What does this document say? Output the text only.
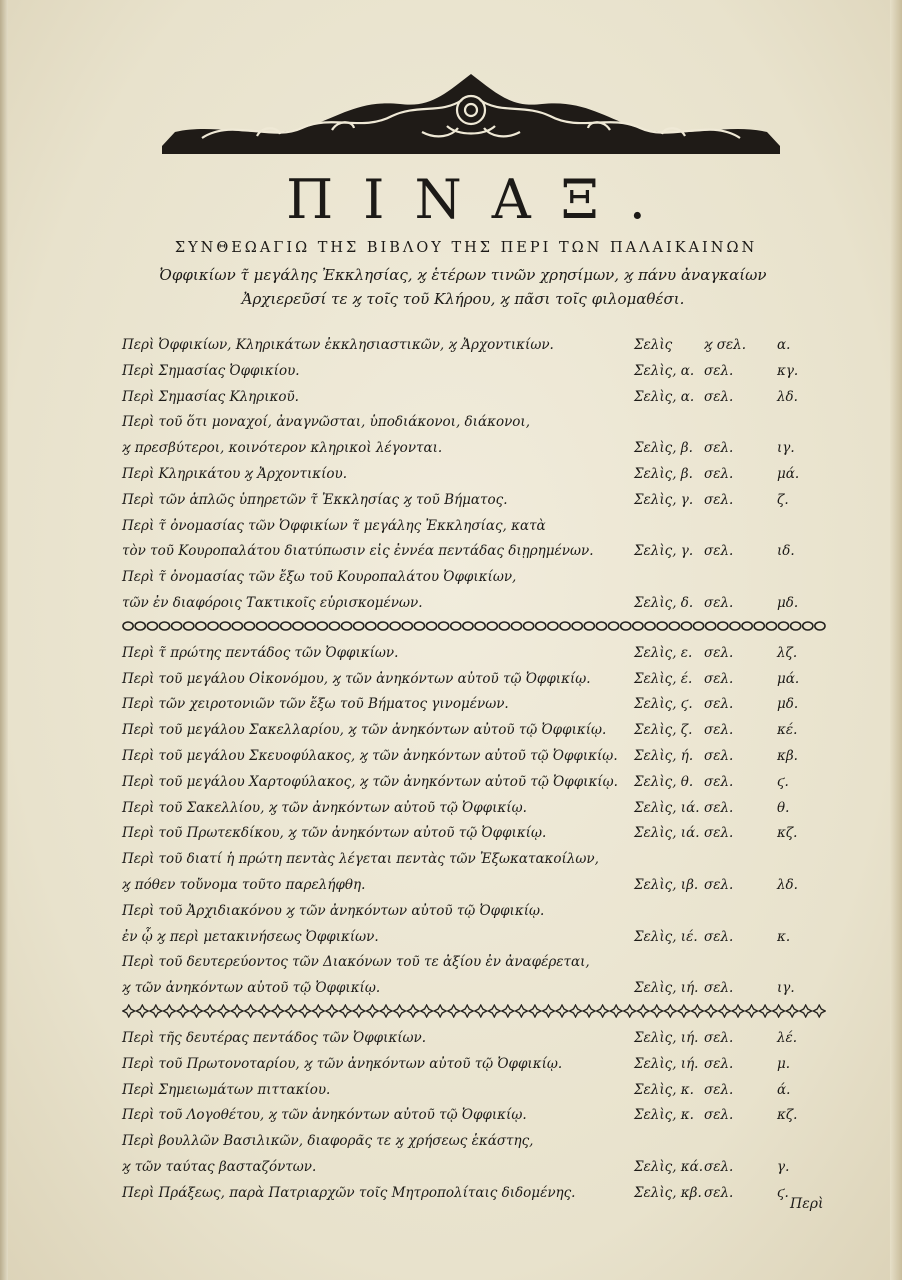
ΠΙΝΑΞ.
ΣΥΝΘΕΩΑΓΙΩ ΤΗΣ ΒΙΒΛΟΥ ΤΗΣ ΠΕΡΙ ΤΩΝ ΠΑΛΑΙΚΑΙΝΩΝ
Ὀφφικίων τ̃ μεγάλης Ἐκκλησίας, ϗ ἑτέρων τινῶν χρησίμων, ϗ πάνυ ἀναγκαίων
Ἀρχιερεῦσί τε ϗ τοῖς τοῦ Κλήρου, ϗ πᾶσι τοῖς φιλομαθέσι.
Περὶ
Περὶ Ὀφφικίων, Κληρικάτων ἐκκλησιαστικῶν, ϗ Ἀρχοντικίων.	Σελὶς ϗ σελ. α.
Περὶ Σημασίας Ὀφφικίου.	Σελὶς, α. σελ.	κγ.
Περὶ Σημασίας Κληρικοῦ.	Σελὶς, α. σελ.	λδ.
Περὶ τοῦ ὅτι μοναχοί, ἀναγνῶσται, ὑποδιάκονοι, διάκονοι,
ϗ πρεσβύτεροι, κοινότερον κληρικοὶ λέγονται.	Σελὶς, β. σελ.	ιγ.
Περὶ Κληρικάτου ϗ Ἀρχοντικίου.	Σελὶς, β. σελ.	μά.
Περὶ τῶν ἁπλῶς ὑπηρετῶν τ̃ Ἐκκλησίας ϗ τοῦ Βήματος.	Σελὶς, γ. σελ.	ζ.
Περὶ τ̃ ὀνομασίας τῶν Ὀφφικίων τ̃ μεγάλης Ἐκκλησίας, κατὰ
τὸν τοῦ Κουροπαλάτου διατύπωσιν εἰς ἐννέα πεντάδας διῃρημένων.	Σελὶς, γ. σελ.	ιδ.
Περὶ τ̃ ὀνομασίας τῶν ἔξω τοῦ Κουροπαλάτου Ὀφφικίων,
τῶν ἐν διαφόροις Τακτικοῖς εὑρισκομένων.	Σελὶς, δ. σελ.	μδ.
Περὶ τ̃ πρώτης πεντάδος τῶν Ὀφφικίων.	Σελὶς, ε. σελ.	λζ.
Περὶ τοῦ μεγάλου Οἰκονόμου, ϗ τῶν ἀνηκόντων αὐτοῦ τῷ Ὀφφικίῳ.	Σελὶς, έ. σελ.	μά.
Περὶ τῶν χειροτονιῶν τῶν ἔξω τοῦ Βήματος γινομένων.	Σελὶς, ϛ. σελ.	μδ.
Περὶ τοῦ μεγάλου Σακελλαρίου, ϗ τῶν ἀνηκόντων αὐτοῦ τῷ Ὀφφικίῳ. Σελὶς, ζ. σελ.	κέ.
Περὶ τοῦ μεγάλου Σκευοφύλακος, ϗ τῶν ἀνηκόντων αὐτοῦ τῷ Ὀφφικίῳ. Σελὶς, ή. σελ.	κβ.
Περὶ τοῦ μεγάλου Χαρτοφύλακος, ϗ τῶν ἀνηκόντων αὐτοῦ τῷ Ὀφφικίῳ. Σελὶς, θ. σελ.	ϛ.
Περὶ τοῦ Σακελλίου, ϗ τῶν ἀνηκόντων αὐτοῦ τῷ Ὀφφικίῳ.	Σελὶς, ιά. σελ.	θ.
Περὶ τοῦ Πρωτεκδίκου, ϗ τῶν ἀνηκόντων αὐτοῦ τῷ Ὀφφικίῳ.	Σελὶς, ιά. σελ.	κζ.
Περὶ τοῦ διατί ἡ πρώτη πεντὰς λέγεται πεντὰς τῶν Ἐξωκατακοίλων,
ϗ πόθεν τοὔνομα τοῦτο παρελήφθη.	Σελὶς, ιβ. σελ.	λδ.
Περὶ τοῦ Ἀρχιδιακόνου ϗ τῶν ἀνηκόντων αὐτοῦ τῷ Ὀφφικίῳ.
ἐν ᾧ ϗ περὶ μετακινήσεως Ὀφφικίων.	Σελὶς, ιέ. σελ.	κ.
Περὶ τοῦ δευτερεύοντος τῶν Διακόνων τοῦ τε ἀξίου ἐν ἀναφέρεται,
ϗ τῶν ἀνηκόντων αὐτοῦ τῷ Ὀφφικίῳ.	Σελὶς, ιή. σελ.	ιγ.
Περὶ τῆς δευτέρας πεντάδος τῶν Ὀφφικίων.	Σελὶς, ιή. σελ.	λέ.
Περὶ τοῦ Πρωτονοταρίου, ϗ τῶν ἀνηκόντων αὐτοῦ τῷ Ὀφφικίῳ.	Σελὶς, ιή. σελ.	μ.
Περὶ Σημειωμάτων πιττακίου.	Σελὶς, κ. σελ.	ά.
Περὶ τοῦ Λογοθέτου, ϗ τῶν ἀνηκόντων αὐτοῦ τῷ Ὀφφικίῳ.	Σελὶς, κ. σελ.	κζ.
Περὶ βουλλῶν Βασιλικῶν, διαφορᾶς τε ϗ χρήσεως ἑκάστης,
ϗ τῶν ταύτας βασταζόντων.	Σελὶς, κά. σελ.	γ.
Περὶ Πράξεως, παρὰ Πατριαρχῶν τοῖς Μητροπολίταις διδομένης.	Σελὶς, κβ. σελ.	ϛ.
